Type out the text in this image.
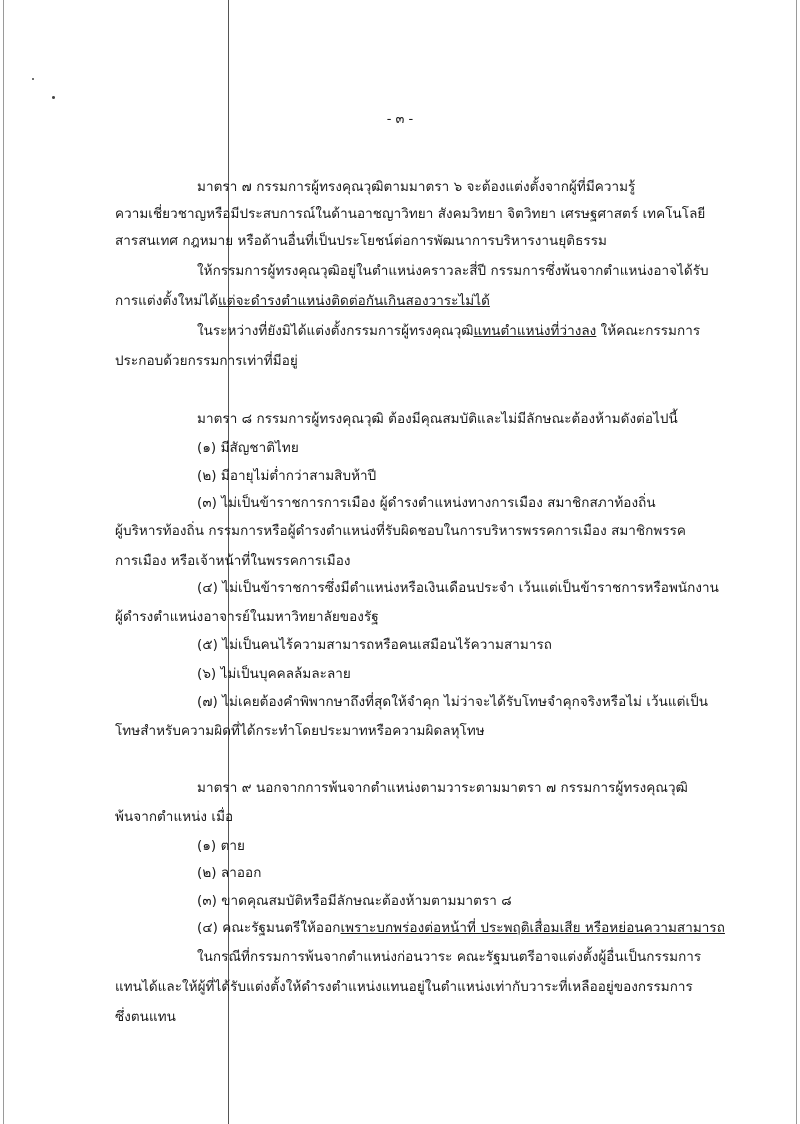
- ๓ -
มาตรา ๗ กรรมการผู้ทรงคุณวุฒิตามมาตรา ๖ จะต้องแต่งตั้งจากผู้ที่มีความรู้
ความเชี่ยวชาญหรือมีประสบการณ์ในด้านอาชญาวิทยา สังคมวิทยา จิตวิทยา เศรษฐศาสตร์ เทคโนโลยี
สารสนเทศ กฎหมาย หรือด้านอื่นที่เป็นประโยชน์ต่อการพัฒนาการบริหารงานยุติธรรม
ให้กรรมการผู้ทรงคุณวุฒิอยู่ในตำแหน่งคราวละสี่ปี กรรมการซึ่งพ้นจากตำแหน่งอาจได้รับ
การแต่งตั้งใหม่ได้แต่จะดำรงตำแหน่งติดต่อกันเกินสองวาระไม่ได้
ในระหว่างที่ยังมิได้แต่งตั้งกรรมการผู้ทรงคุณวุฒิแทนตำแหน่งที่ว่างลง ให้คณะกรรมการ
ประกอบด้วยกรรมการเท่าที่มีอยู่
มาตรา ๘ กรรมการผู้ทรงคุณวุฒิ ต้องมีคุณสมบัติและไม่มีลักษณะต้องห้ามดังต่อไปนี้
(๑) มีสัญชาติไทย
(๒) มีอายุไม่ต่ำกว่าสามสิบห้าปี
(๓) ไม่เป็นข้าราชการการเมือง ผู้ดำรงตำแหน่งทางการเมือง สมาชิกสภาท้องถิ่น
ผู้บริหารท้องถิ่น กรรมการหรือผู้ดำรงตำแหน่งที่รับผิดชอบในการบริหารพรรคการเมือง สมาชิกพรรค
การเมือง หรือเจ้าหน้าที่ในพรรคการเมือง
(๔) ไม่เป็นข้าราชการซึ่งมีตำแหน่งหรือเงินเดือนประจำ เว้นแต่เป็นข้าราชการหรือพนักงาน
ผู้ดำรงตำแหน่งอาจารย์ในมหาวิทยาลัยของรัฐ
(๕) ไม่เป็นคนไร้ความสามารถหรือคนเสมือนไร้ความสามารถ
(๖) ไม่เป็นบุคคลล้มละลาย
(๗) ไม่เคยต้องคำพิพากษาถึงที่สุดให้จำคุก ไม่ว่าจะได้รับโทษจำคุกจริงหรือไม่ เว้นแต่เป็น
โทษสำหรับความผิดที่ได้กระทำโดยประมาทหรือความผิดลหุโทษ
มาตรา ๙ นอกจากการพ้นจากตำแหน่งตามวาระตามมาตรา ๗ กรรมการผู้ทรงคุณวุฒิ
พ้นจากตำแหน่ง เมื่อ
(๑) ตาย
(๒) ลาออก
(๓) ขาดคุณสมบัติหรือมีลักษณะต้องห้ามตามมาตรา ๘
(๔) คณะรัฐมนตรีให้ออกเพราะบกพร่องต่อหน้าที่ ประพฤติเสื่อมเสีย หรือหย่อนความสามารถ
ในกรณีที่กรรมการพ้นจากตำแหน่งก่อนวาระ คณะรัฐมนตรีอาจแต่งตั้งผู้อื่นเป็นกรรมการ
แทนได้และให้ผู้ที่ได้รับแต่งตั้งให้ดำรงตำแหน่งแทนอยู่ในตำแหน่งเท่ากับวาระที่เหลืออยู่ของกรรมการ
ซึ่งตนแทน
